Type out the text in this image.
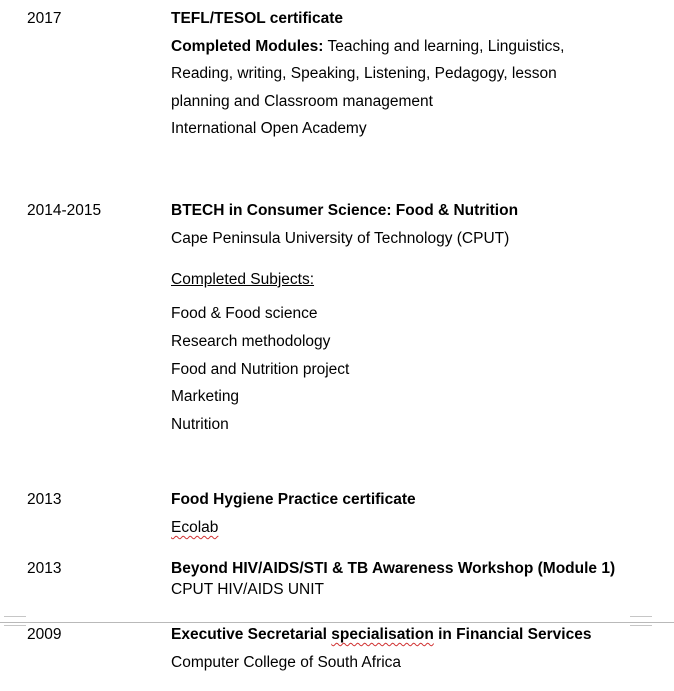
2017	TEFL/TESOL certificate
Completed Modules: Teaching and learning, Linguistics,
Reading, writing, Speaking, Listening, Pedagogy, lesson
planning and Classroom management
International Open Academy
2014-2015	BTECH in Consumer Science: Food & Nutrition
Cape Peninsula University of Technology (CPUT)
Completed Subjects:
Food & Food science
Research methodology
Food and Nutrition project
Marketing
Nutrition
2013	Food Hygiene Practice certificate
Ecolab
2013	Beyond HIV/AIDS/STI & TB Awareness Workshop (Module 1)
CPUT HIV/AIDS UNIT
2009	Executive Secretarial specialisation in Financial Services
Computer College of South Africa
